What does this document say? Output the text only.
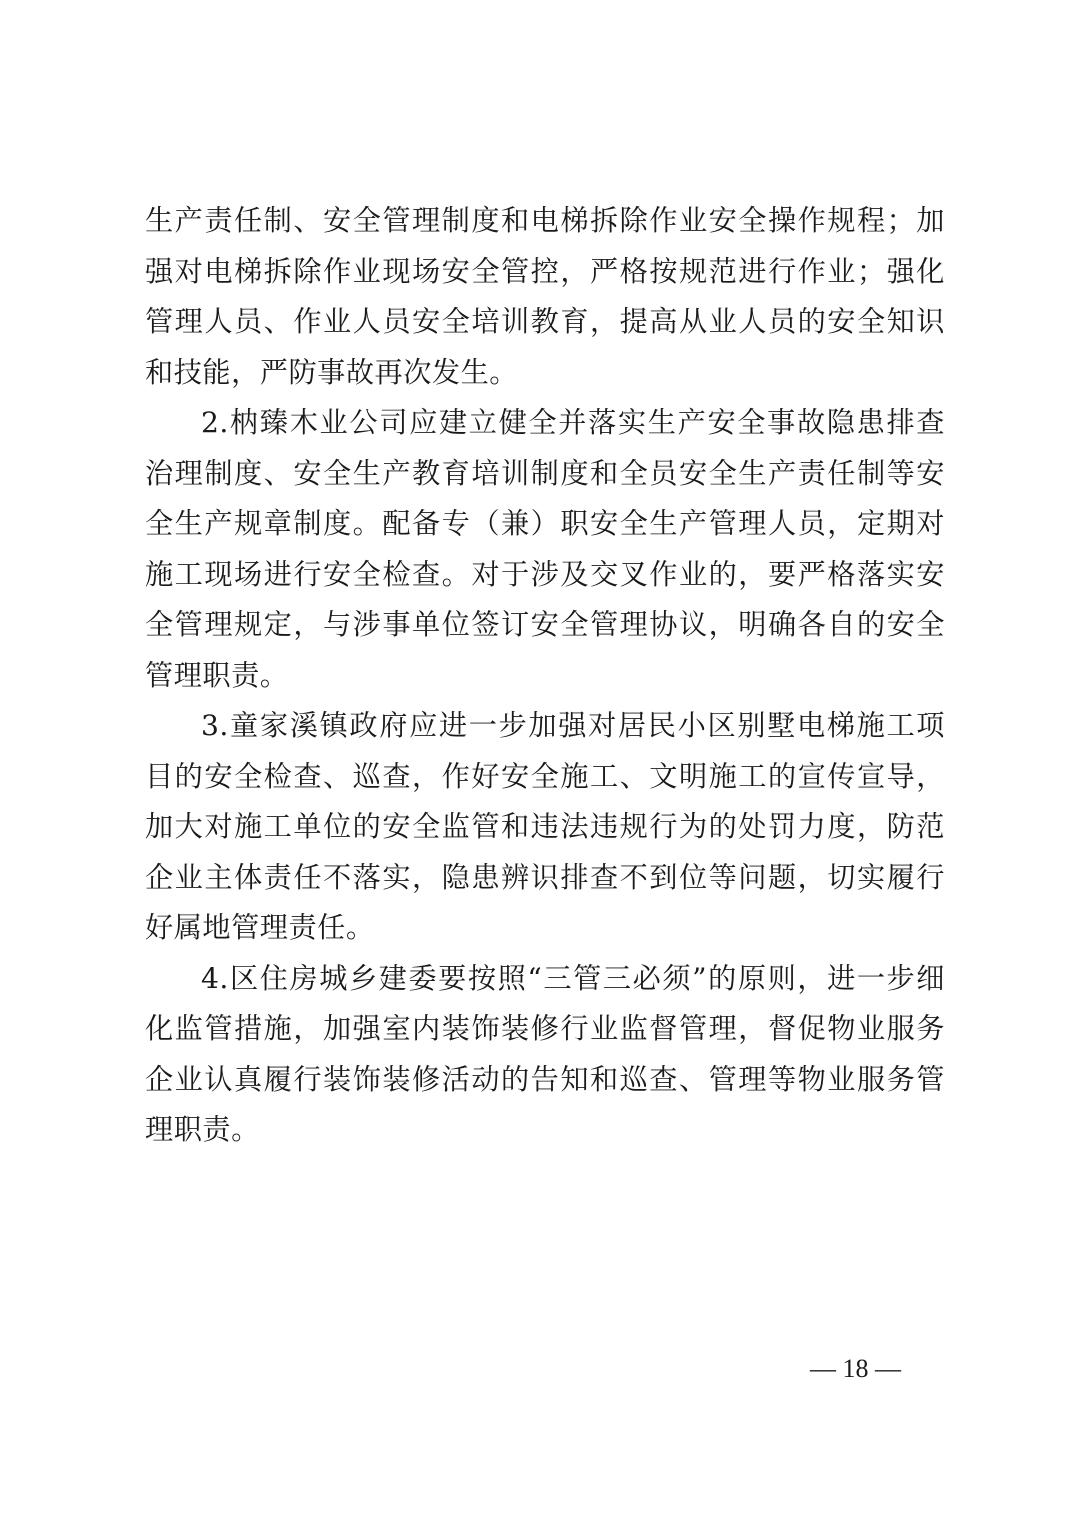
生产责任制、安全管理制度和电梯拆除作业安全操作规程；加强对电梯拆除作业现场安全管控，严格按规范进行作业；强化管理人员、作业人员安全培训教育，提高从业人员的安全知识和技能，严防事故再次发生。

2.枘臻木业公司应建立健全并落实生产安全事故隐患排查治理制度、安全生产教育培训制度和全员安全生产责任制等安全生产规章制度。配备专（兼）职安全生产管理人员，定期对施工现场进行安全检查。对于涉及交叉作业的，要严格落实安全管理规定，与涉事单位签订安全管理协议，明确各自的安全管理职责。

3.童家溪镇政府应进一步加强对居民小区别墅电梯施工项目的安全检查、巡查，作好安全施工、文明施工的宣传宣导，加大对施工单位的安全监管和违法违规行为的处罚力度，防范企业主体责任不落实，隐患辨识排查不到位等问题，切实履行好属地管理责任。

4.区住房城乡建委要按照“三管三必须”的原则，进一步细化监管措施，加强室内装饰装修行业监督管理，督促物业服务企业认真履行装饰装修活动的告知和巡查、管理等物业服务管理职责。

— 18 —
